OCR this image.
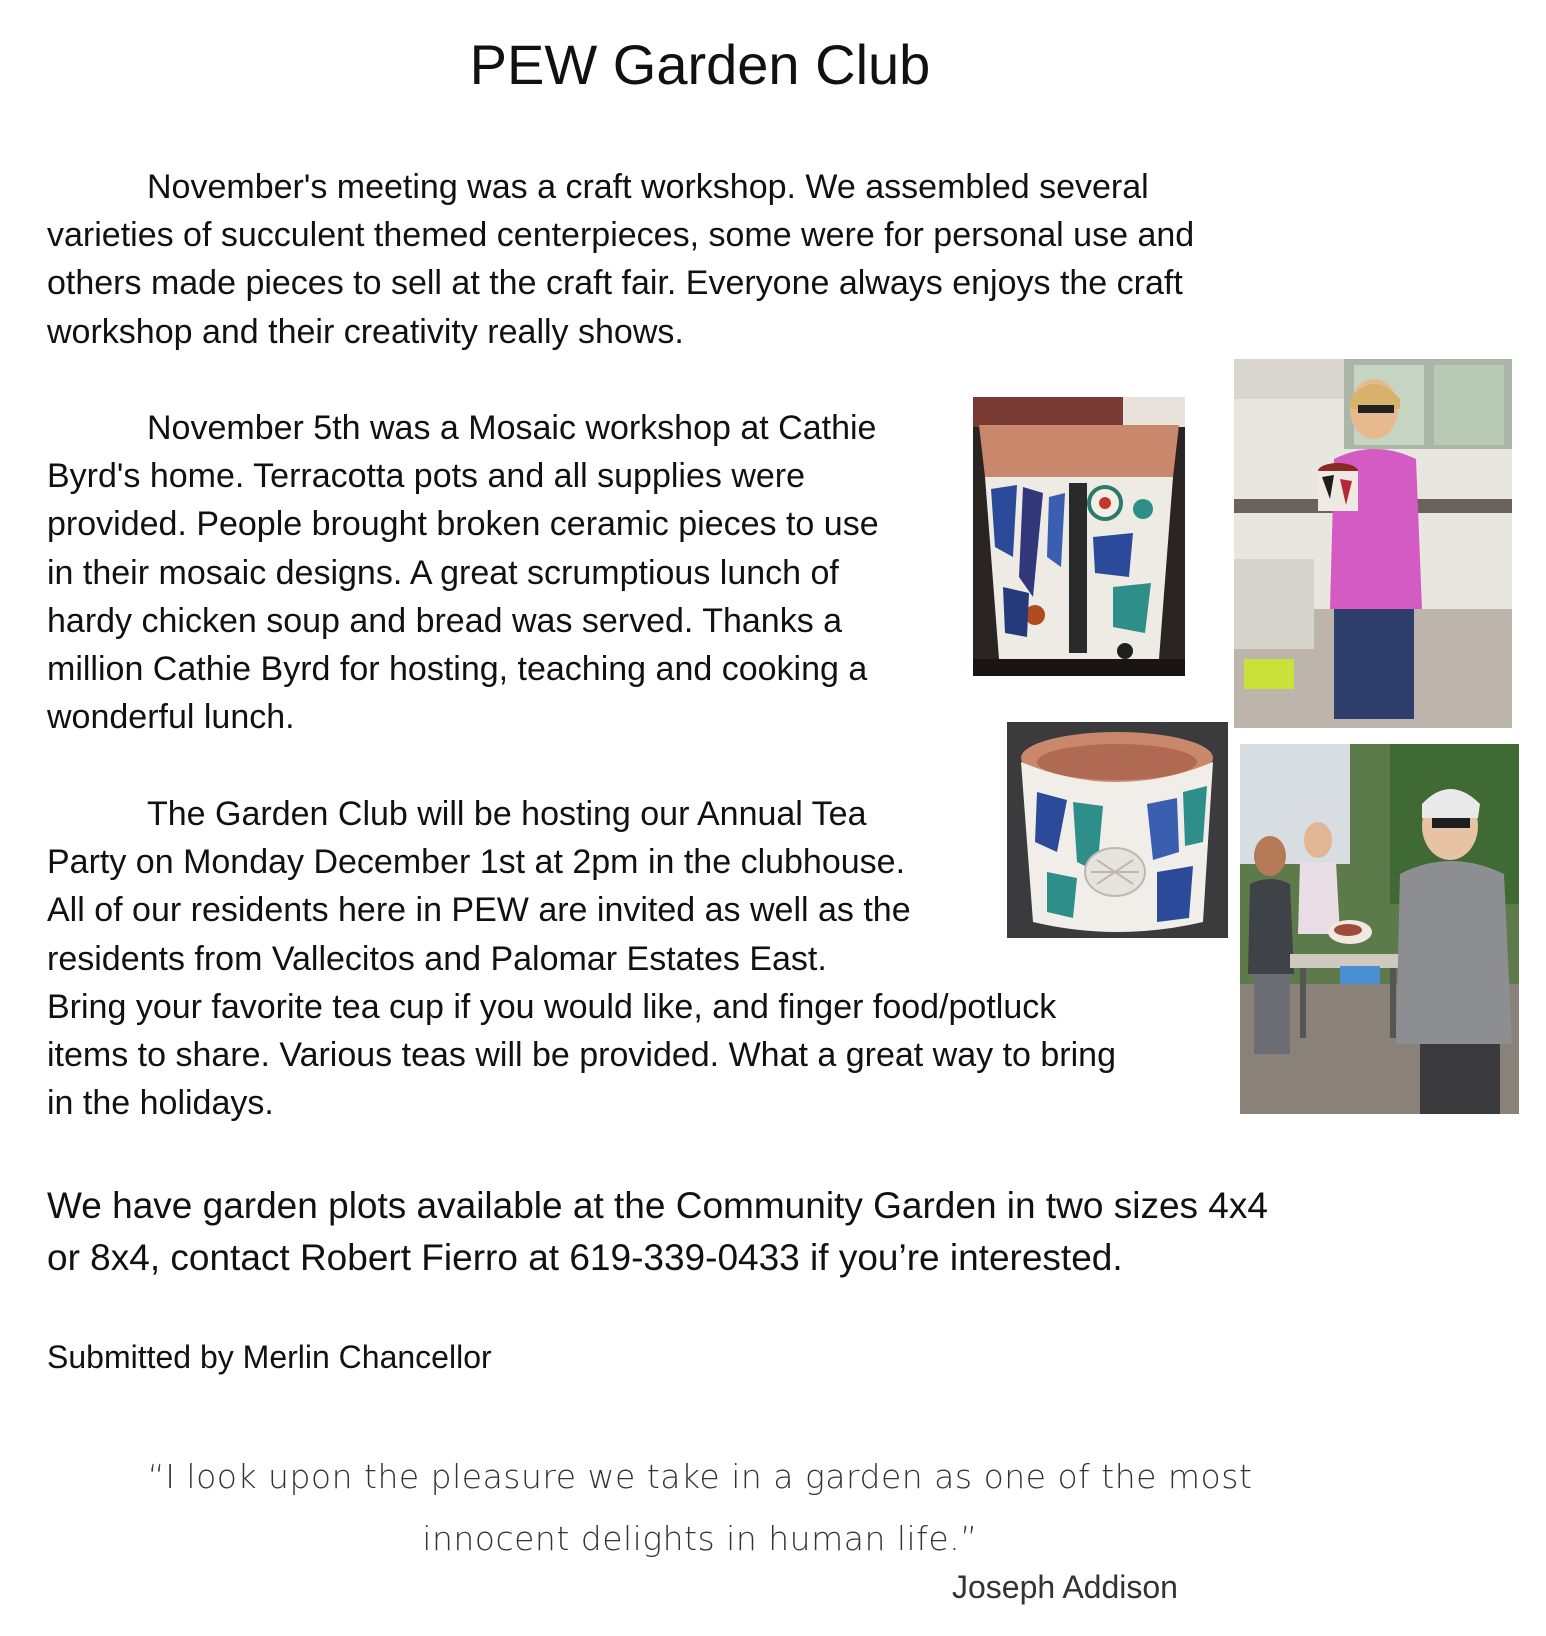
PEW Garden Club

November's meeting was a craft workshop. We assembled several
varieties of succulent themed centerpieces, some were for personal use and
others made pieces to sell at the craft fair. Everyone always enjoys the craft
workshop and their creativity really shows.

November 5th was a Mosaic workshop at Cathie
Byrd's home. Terracotta pots and all supplies were
provided. People brought broken ceramic pieces to use
in their mosaic designs. A great scrumptious lunch of
hardy chicken soup and bread was served. Thanks a
million Cathie Byrd for hosting, teaching and cooking a
wonderful lunch.

The Garden Club will be hosting our Annual Tea
Party on Monday December 1st at 2pm in the clubhouse.
All of our residents here in PEW are invited as well as the
residents from Vallecitos and Palomar Estates East.
Bring your favorite tea cup if you would like, and finger food/potluck
items to share. Various teas will be provided. What a great way to bring
in the holidays.

We have garden plots available at the Community Garden in two sizes 4x4
or 8x4, contact Robert Fierro at 619-339-0433 if you’re interested.

Submitted by Merlin Chancellor
“I look upon the pleasure we take in a garden as one of the most
innocent delights in human life.”
Joseph Addison
